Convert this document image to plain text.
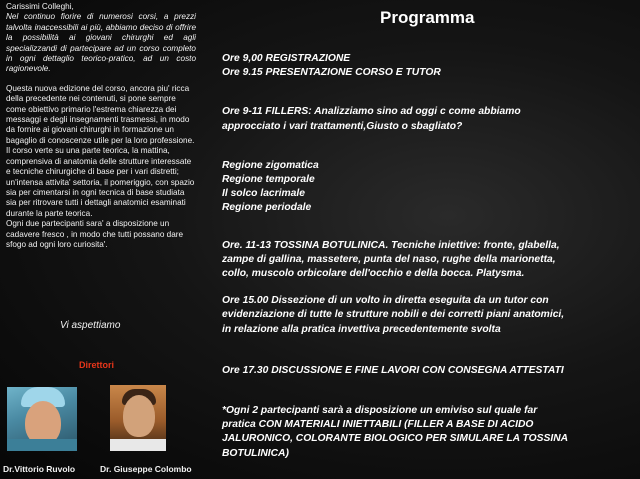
Carissimi Colleghi,
Nel continuo fiorire di numerosi corsi, a prezzi talvolta inaccessibili ai più, abbiamo deciso di offrire la possibilità ai giovani chirurghi ed agli specializzandi di partecipare ad un corso completo in ogni dettaglio teorico-pratico, ad un costo ragionevole.

Questa nuova edizione del corso, ancora piu' ricca della precedente nei contenuti, si pone sempre come obiettivo primario l'estrema chiarezza dei messaggi e degli insegnamenti trasmessi, in modo da fornire ai giovani chirurghi in formazione un bagaglio di conoscenze utile per la loro professione.

Il corso verte su una parte teorica, la mattina, comprensiva di anatomia delle strutture interessate e tecniche chirurgiche di base per i vari distretti; un'intensa attivita' settoria, il pomeriggio, con spazio sia per cimentarsi in ogni tecnica di base studiata sia per ritrovare tutti i dettagli anatomici esaminati durante la parte teorica.

Ogni due partecipanti sara' a disposizione un cadavere fresco , in modo che tutti possano dare sfogo ad ogni loro curiosita'.

Vi aspettiamo
Direttori
Dr.Vittorio Ruvolo	Dr. Giuseppe Colombo
Programma
Ore 9,00 REGISTRAZIONE
Ore 9.15 PRESENTAZIONE CORSO E TUTOR
Ore 9-11 FILLERS: Analizziamo sino ad oggi c come abbiamo
approcciato i vari trattamenti,Giusto o sbagliato?
Regione zigomatica
Regione temporale
Il solco lacrimale
Regione periodale
Ore. 11-13 TOSSINA BOTULINICA. Tecniche iniettive: fronte, glabella,
zampe di gallina, massetere, punta del naso, rughe della marionetta,
collo, muscolo orbicolare dell'occhio e della bocca. Platysma.
Ore 15.00 Dissezione di un volto in diretta eseguita da un tutor con
evidenziazione di tutte le strutture nobili e dei corretti piani anatomici,
in relazione alla pratica invettiva precedentemente svolta
Ore 17.30 DISCUSSIONE E FINE LAVORI CON CONSEGNA ATTESTATI
*Ogni 2 partecipanti sarà a disposizione un emiviso sul quale far
pratica CON MATERIALI INIETTABILI (FILLER A BASE DI ACIDO
JALURONICO, COLORANTE BIOLOGICO PER SIMULARE LA TOSSINA
BOTULINICA)
